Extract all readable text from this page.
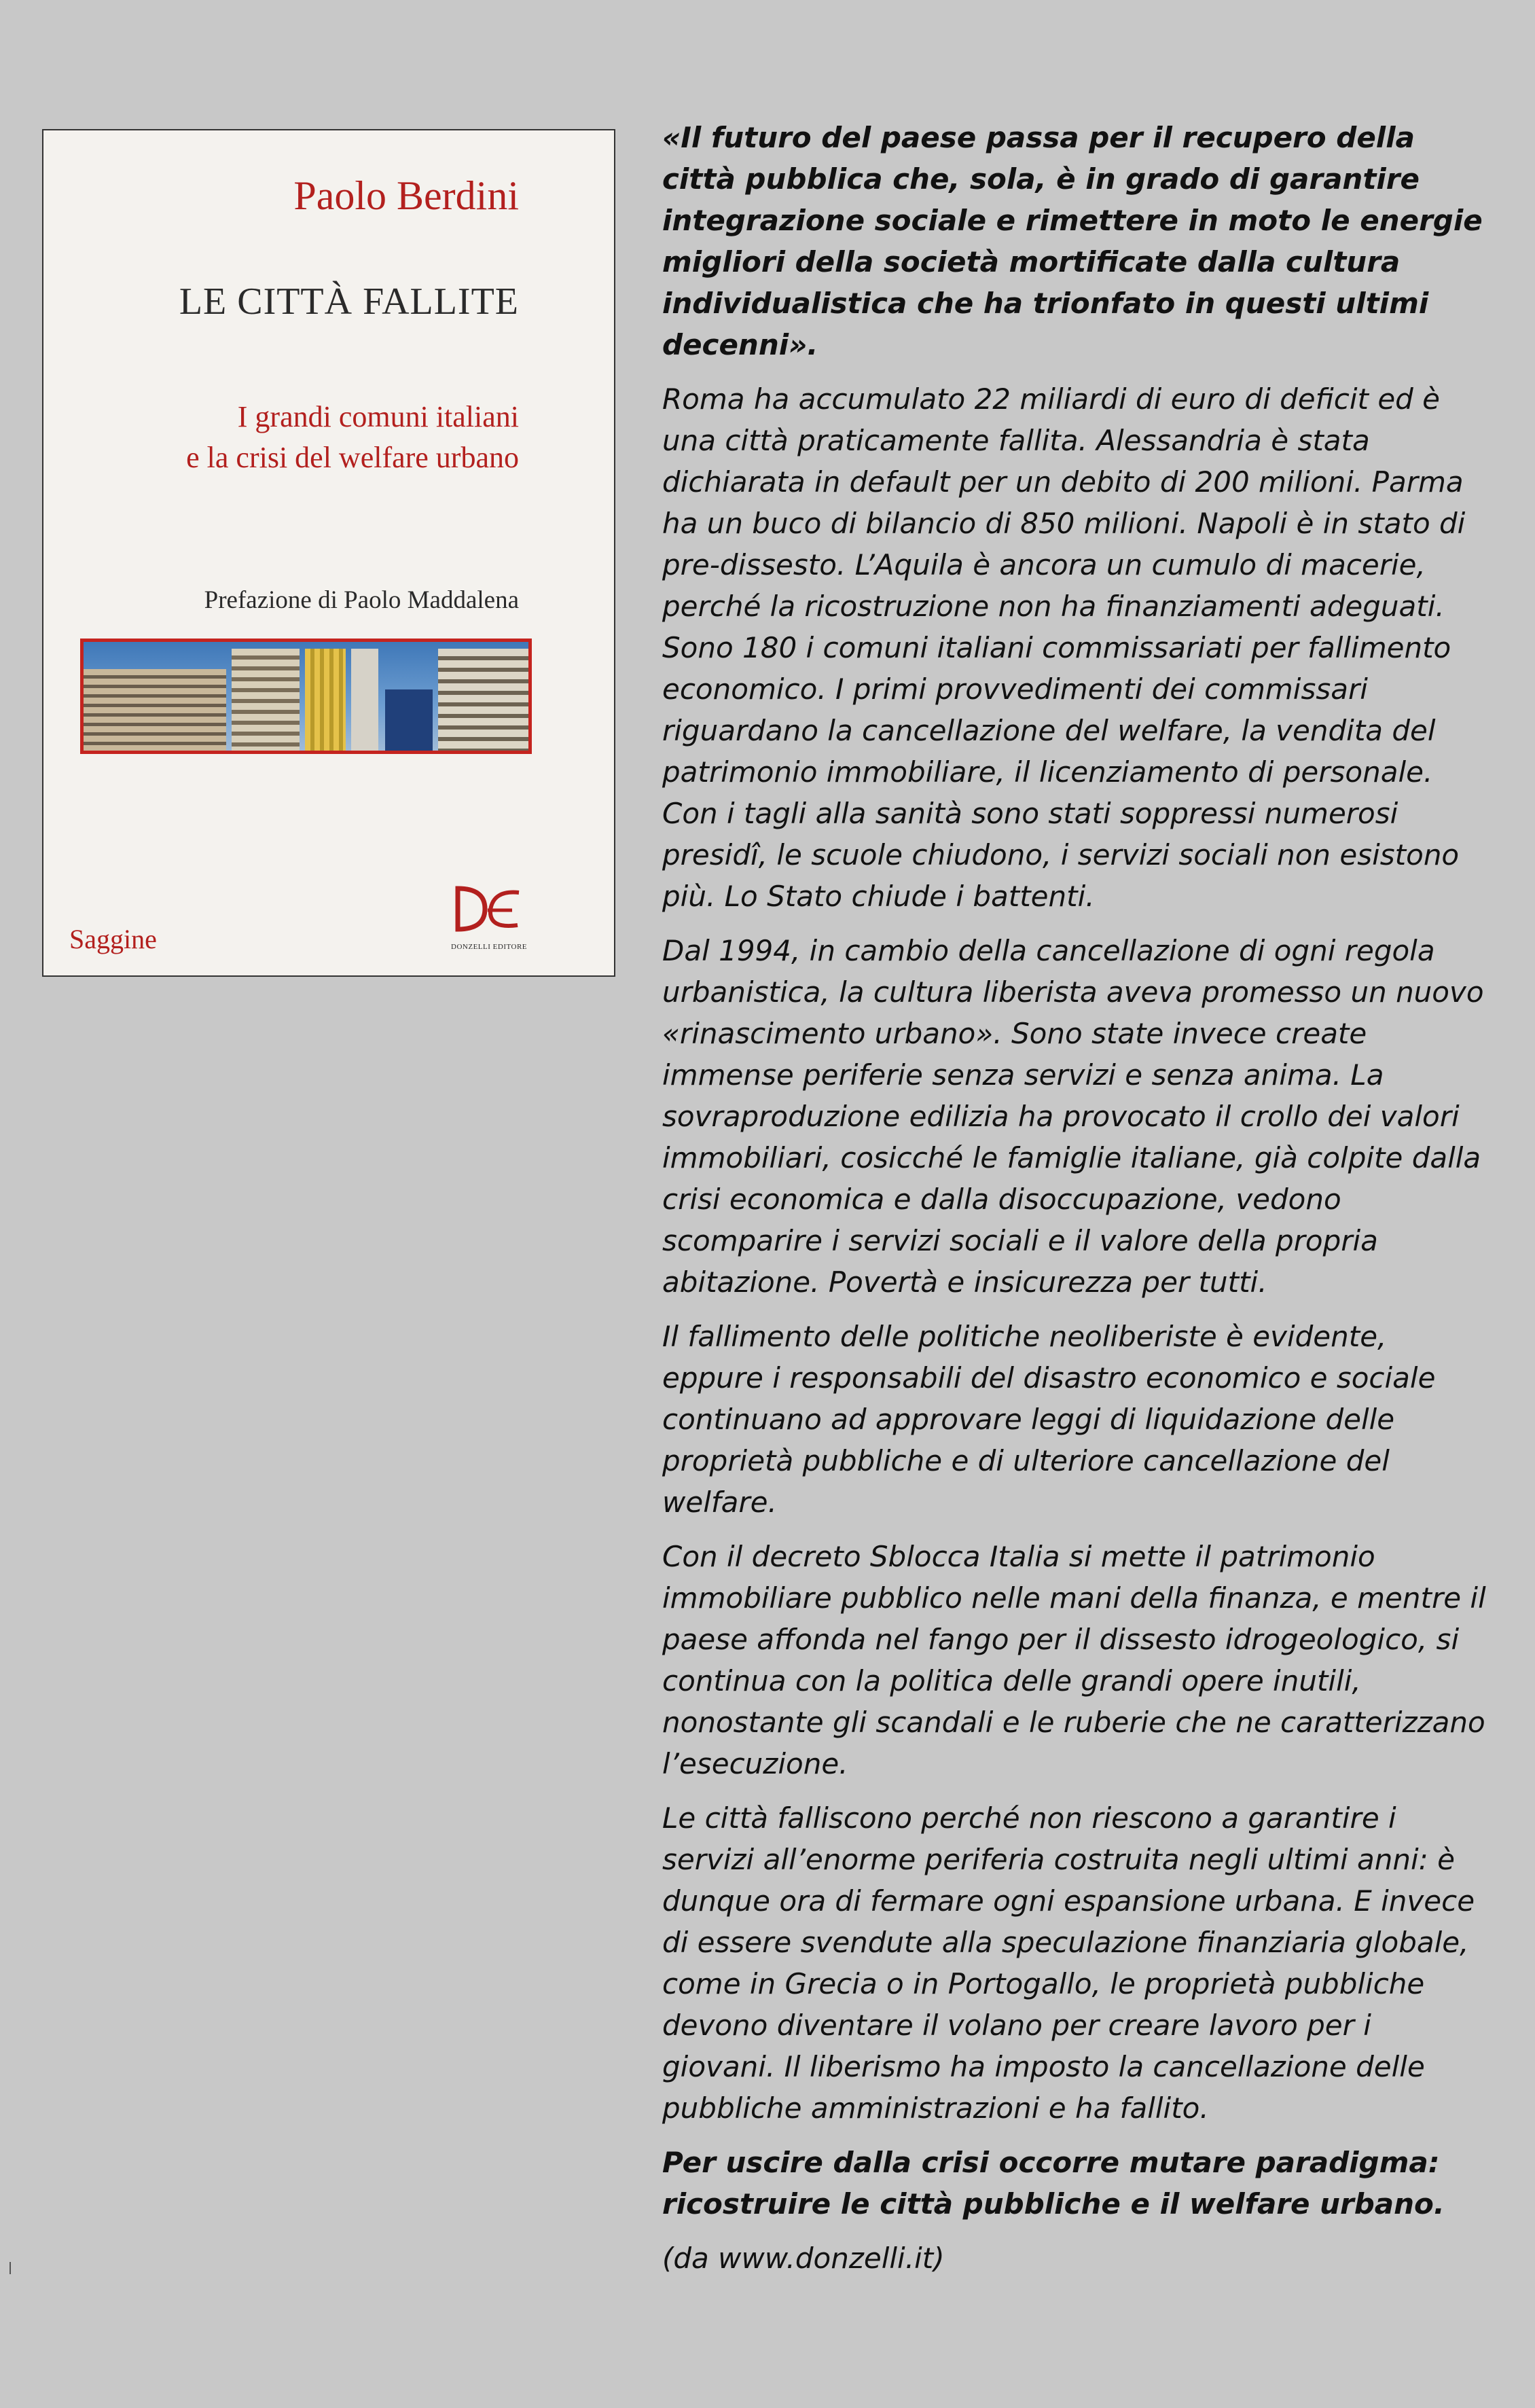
Paolo Berdini
LE CITTÀ FALLITE
I grandi comuni italiani
e la crisi del welfare urbano

Prefazione di Paolo Maddalena

Saggine	DONZELLI EDITORE

«Il futuro del paese passa per il recupero della città pubblica che, sola, è in grado di garantire integrazione sociale e rimettere in moto le energie migliori della società mortificate dalla cultura individualistica che ha trionfato in questi ultimi decenni».

Roma ha accumulato 22 miliardi di euro di deficit ed è una città praticamente fallita. Alessandria è stata dichiarata in default per un debito di 200 milioni. Parma ha un buco di bilancio di 850 milioni. Napoli è in stato di pre-dissesto. L’Aquila è ancora un cumulo di macerie, perché la ricostruzione non ha finanziamenti adeguati. Sono 180 i comuni italiani commissariati per fallimento economico. I primi provvedimenti dei commissari riguardano la cancellazione del welfare, la vendita del patrimonio immobiliare, il licenziamento di personale. Con i tagli alla sanità sono stati soppressi numerosi presidî, le scuole chiudono, i servizi sociali non esistono più. Lo Stato chiude i battenti.

Dal 1994, in cambio della cancellazione di ogni regola urbanistica, la cultura liberista aveva promesso un nuovo «rinascimento urbano». Sono state invece create immense periferie senza servizi e senza anima. La sovraproduzione edilizia ha provocato il crollo dei valori immobiliari, cosicché le famiglie italiane, già colpite dalla crisi economica e dalla disoccupazione, vedono scomparire i servizi sociali e il valore della propria abitazione. Povertà e insicurezza per tutti.

Il fallimento delle politiche neoliberiste è evidente, eppure i responsabili del disastro economico e sociale continuano ad approvare leggi di liquidazione delle proprietà pubbliche e di ulteriore cancellazione del welfare.

Con il decreto Sblocca Italia si mette il patrimonio immobiliare pubblico nelle mani della finanza, e mentre il paese affonda nel fango per il dissesto idrogeologico, si continua con la politica delle grandi opere inutili, nonostante gli scandali e le ruberie che ne caratterizzano l’esecuzione.

Le città falliscono perché non riescono a garantire i servizi all’enorme periferia costruita negli ultimi anni: è dunque ora di fermare ogni espansione urbana. E invece di essere svendute alla speculazione finanziaria globale, come in Grecia o in Portogallo, le proprietà pubbliche devono diventare il volano per creare lavoro per i giovani. Il liberismo ha imposto la cancellazione delle pubbliche amministrazioni e ha fallito.

Per uscire dalla crisi occorre mutare paradigma: ricostruire le città pubbliche e il welfare urbano.

(da www.donzelli.it)
